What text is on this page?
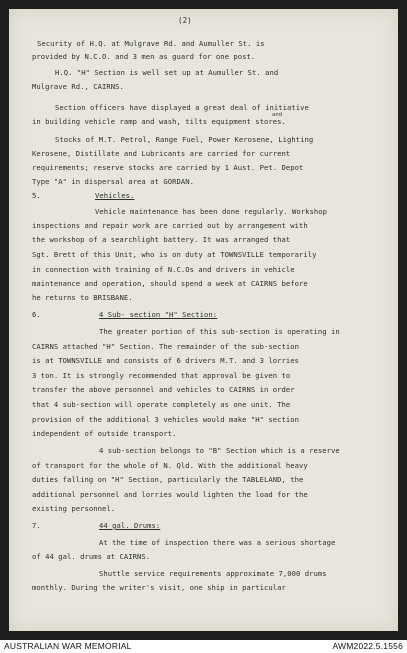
(2)
Security of H.Q. at Mulgrave Rd. and Aumuller St. is
provided by N.C.O. and 3 men as guard for one post.
H.Q. "H" Section is well set up at Aumuller St. and
Mulgrave Rd., CAIRNS.
Section officers have displayed a great deal of initiative
and
in building vehicle ramp and wash, tilts equipment stores.
Stocks of M.T. Petrol, Range Fuel, Power Kerosene, Lighting
Kerosene, Distillate and Lubricants are carried for current
requirements; reserve stocks are carried by 1 Aust. Pet. Depot
Type "A" in dispersal area at GORDAN.
5.	Vehicles.
Vehicle maintenance has been done regularly. Workshop
inspections and repair work are carried out by arrangement with
the workshop of a searchlight battery. It was arranged that
Sgt. Brett of this Unit, who is on duty at TOWNSVILLE temporarily
in connection with training of N.C.Os and drivers in vehicle
maintenance and operation, should spend a week at CAIRNS before
he returns to BRISBANE.
6.	4 Sub- section "H" Section:
The greater portion of this sub-section is operating in
CAIRNS attached "H" Section. The remainder of the sub-section
is at TOWNSVILLE and consists of 6 drivers M.T. and 3 lorries
3 ton. It is strongly recommended that approval be given to
transfer the above personnel and vehicles to CAIRNS in order
that 4 sub-section will operate completely as one unit. The
provision of the additional 3 vehicles would make "H" section
independent of outside transport.
4 sub-section belongs to "B" Section which is a reserve
of transport for the whole of N. Qld. With the additional heavy
duties falling on "H" Section, particularly the TABLELAND, the
additional personnel and lorries would lighten the load for the
existing personnel.
7.	44 gal. Drums:
At the time of inspection there was a serious shortage
of 44 gal. drums at CAIRNS.
Shuttle service requirements approximate 7,000 drums
monthly. During the writer's visit, one ship in particular
AUSTRALIAN WAR MEMORIAL	AWM2022.5.1556
